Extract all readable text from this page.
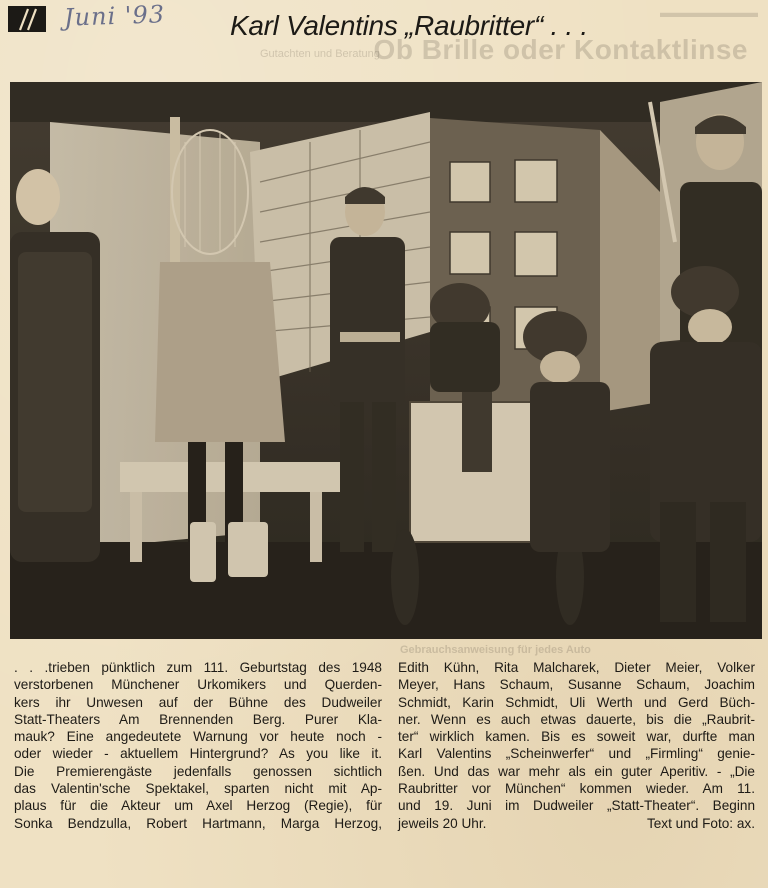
▬▬▬▬▬▬▬
Gutachten und Beratung
Ob Brille oder Kontaktlinse
Juni '93 Karl Valentins „Raubritter“ . . .
Gebrauchsanweisung für jedes Auto
. . .trieben pünktlich zum 111. Geburtstag des 1948
verstorbenen Münchener Urkomikers und Querden-
kers ihr Unwesen auf der Bühne des Dudweiler
Statt-Theaters Am Brennenden Berg. Purer Kla-
mauk? Eine angedeutete Warnung vor heute noch -
oder wieder - aktuellem Hintergrund? As you like it.
Die Premierengäste jedenfalls genossen sichtlich
das Valentin'sche Spektakel, sparten nicht mit Ap-
plaus für die Akteur um Axel Herzog (Regie), für
Sonka Bendzulla, Robert Hartmann, Marga Herzog,
Edith Kühn, Rita Malcharek, Dieter Meier, Volker
Meyer, Hans Schaum, Susanne Schaum, Joachim
Schmidt, Karin Schmidt, Uli Werth und Gerd Büch-
ner. Wenn es auch etwas dauerte, bis die „Raubrit-
ter“ wirklich kamen. Bis es soweit war, durfte man
Karl Valentins „Scheinwerfer“ und „Firmling“ genie-
ßen. Und das war mehr als ein guter Aperitiv. - „Die
Raubritter vor München“ kommen wieder. Am 11.
und 19. Juni im Dudweiler „Statt-Theater“. Beginn
jeweils 20 Uhr.	Text und Foto: ax.
